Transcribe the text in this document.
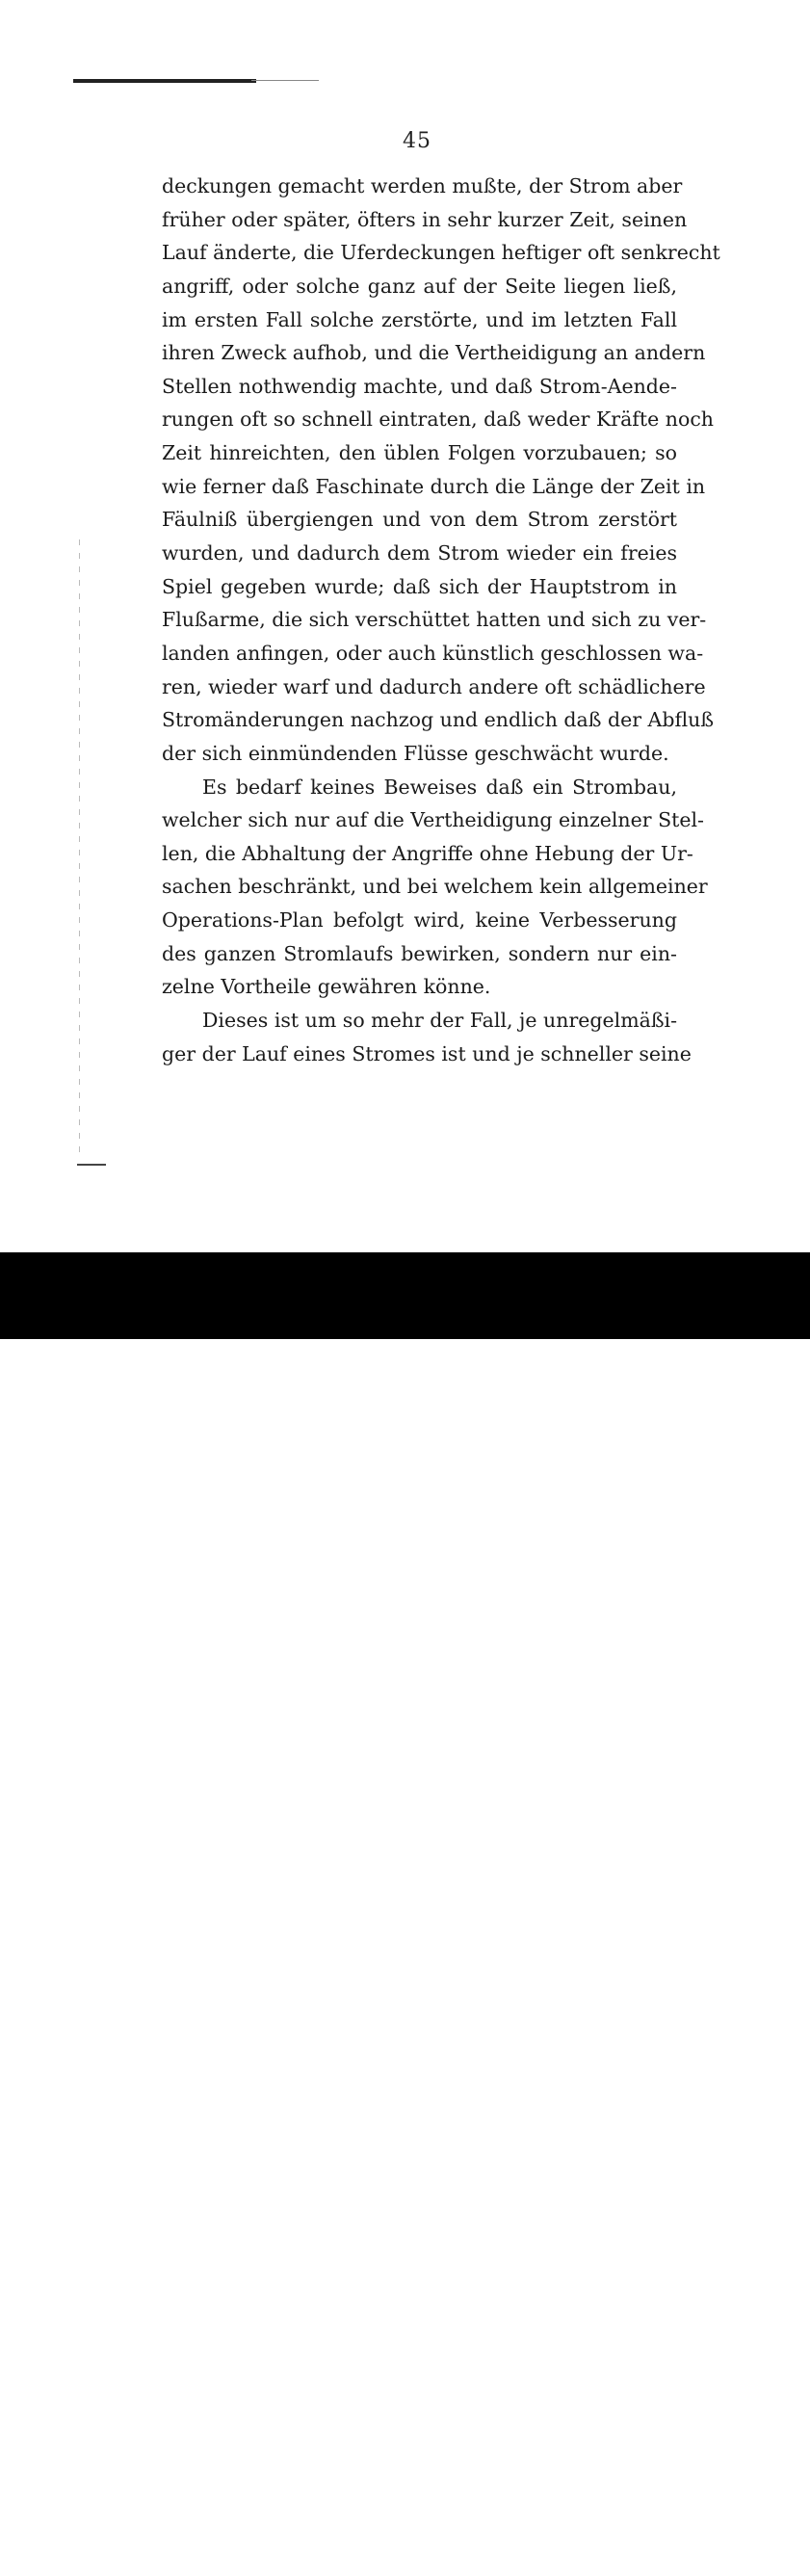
45
deckungen gemacht werden mußte, der Strom aber
früher oder später, öfters in sehr kurzer Zeit, seinen
Lauf änderte, die Uferdeckungen heftiger oft senkrecht
angriff, oder solche ganz auf der Seite liegen ließ,
im ersten Fall solche zerstörte, und im letzten Fall
ihren Zweck aufhob, und die Vertheidigung an andern
Stellen nothwendig machte, und daß Strom-Aende-
rungen oft so schnell eintraten, daß weder Kräfte noch
Zeit hinreichten, den üblen Folgen vorzubauen; so
wie ferner daß Faschinate durch die Länge der Zeit in
Fäulniß übergiengen und von dem Strom zerstört
wurden, und dadurch dem Strom wieder ein freies
Spiel gegeben wurde; daß sich der Hauptstrom in
Flußarme, die sich verschüttet hatten und sich zu ver-
landen anfingen, oder auch künstlich geschlossen wa-
ren, wieder warf und dadurch andere oft schädlichere
Stromänderungen nachzog und endlich daß der Abfluß
der sich einmündenden Flüsse geschwächt wurde.
Es bedarf keines Beweises daß ein Strombau,
welcher sich nur auf die Vertheidigung einzelner Stel-
len, die Abhaltung der Angriffe ohne Hebung der Ur-
sachen beschränkt, und bei welchem kein allgemeiner
Operations-Plan befolgt wird, keine Verbesserung
des ganzen Stromlaufs bewirken, sondern nur ein-
zelne Vortheile gewähren könne.
Dieses ist um so mehr der Fall, je unregelmäßi-
ger der Lauf eines Stromes ist und je schneller seine
alamy	P7WP82
www.alamy.com
